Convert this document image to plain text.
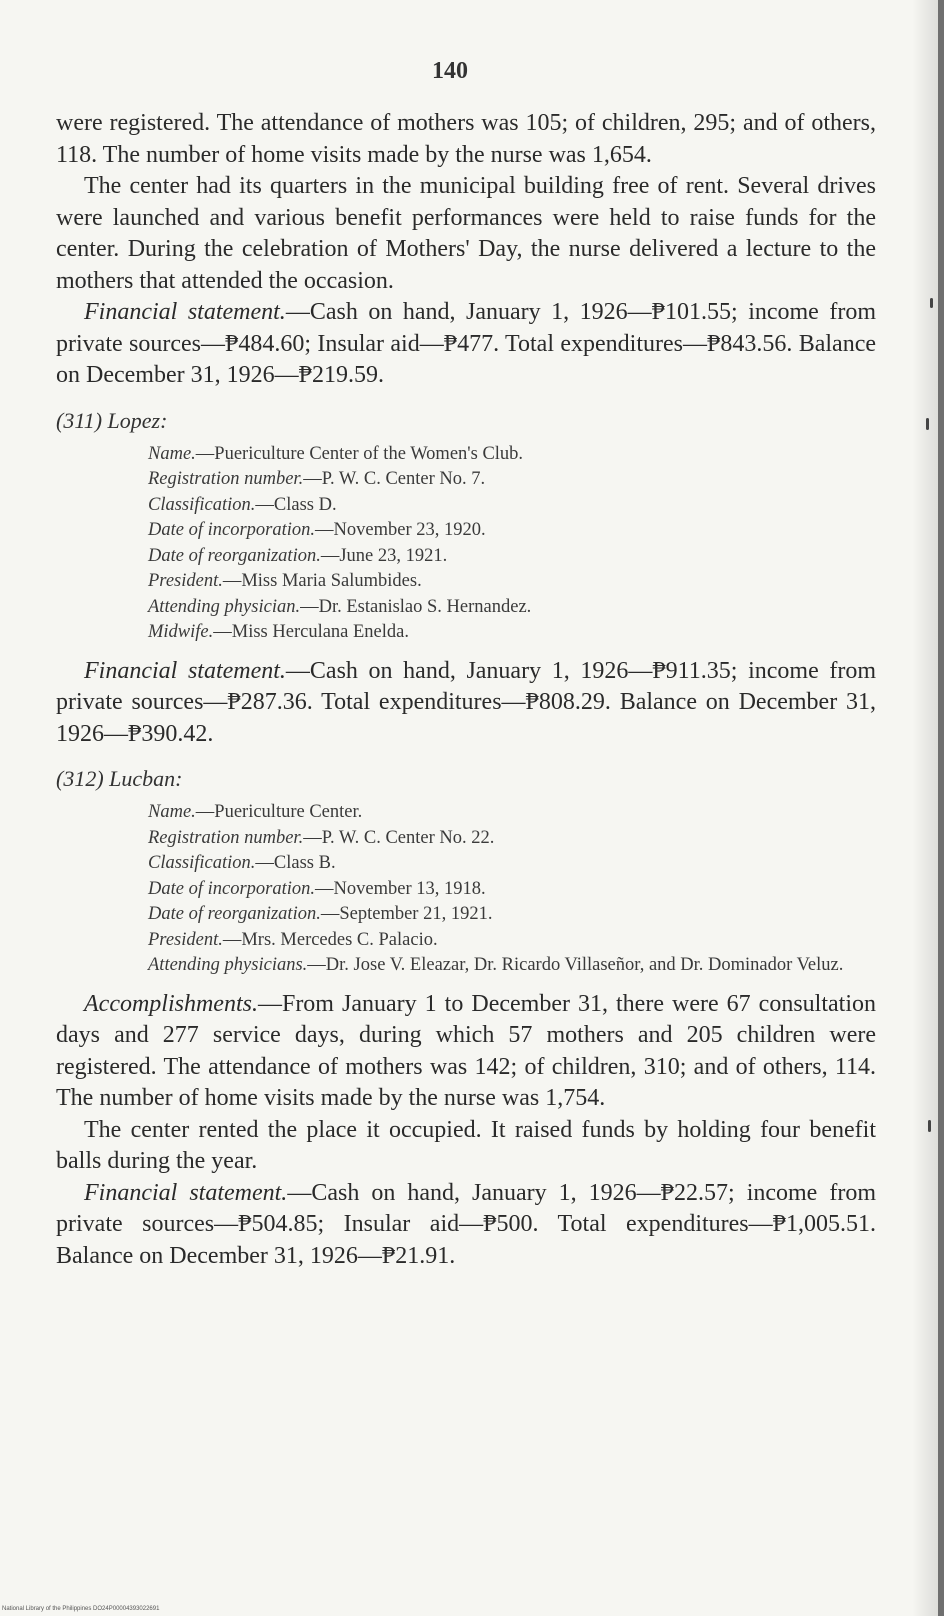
140

were registered. The attendance of mothers was 105; of children, 295; and of others, 118. The number of home visits made by the nurse was 1,654.

The center had its quarters in the municipal building free of rent. Several drives were launched and various benefit performances were held to raise funds for the center. During the celebration of Mothers' Day, the nurse delivered a lecture to the mothers that attended the occasion.

Financial statement.—Cash on hand, January 1, 1926—₱101.55; income from private sources—₱484.60; Insular aid—₱477. Total expenditures—₱843.56. Balance on December 31, 1926—₱219.59.

(311) Lopez:
Name.—Puericulture Center of the Women's Club.
Registration number.—P. W. C. Center No. 7.
Classification.—Class D.
Date of incorporation.—November 23, 1920.
Date of reorganization.—June 23, 1921.
President.—Miss Maria Salumbides.
Attending physician.—Dr. Estanislao S. Hernandez.
Midwife.—Miss Herculana Enelda.

Financial statement.—Cash on hand, January 1, 1926—₱911.35; income from private sources—₱287.36. Total expenditures—₱808.29. Balance on December 31, 1926—₱390.42.

(312) Lucban:
Name.—Puericulture Center.
Registration number.—P. W. C. Center No. 22.
Classification.—Class B.
Date of incorporation.—November 13, 1918.
Date of reorganization.—September 21, 1921.
President.—Mrs. Mercedes C. Palacio.
Attending physicians.—Dr. Jose V. Eleazar, Dr. Ricardo Villaseñor, and Dr. Dominador Veluz.

Accomplishments.—From January 1 to December 31, there were 67 consultation days and 277 service days, during which 57 mothers and 205 children were registered. The attendance of mothers was 142; of children, 310; and of others, 114. The number of home visits made by the nurse was 1,754.

The center rented the place it occupied. It raised funds by holding four benefit balls during the year.

Financial statement.—Cash on hand, January 1, 1926—₱22.57; income from private sources—₱504.85; Insular aid—₱500. Total expenditures—₱1,005.51. Balance on December 31, 1926—₱21.91.

National Library of the Philippines DO24P00004393022691
